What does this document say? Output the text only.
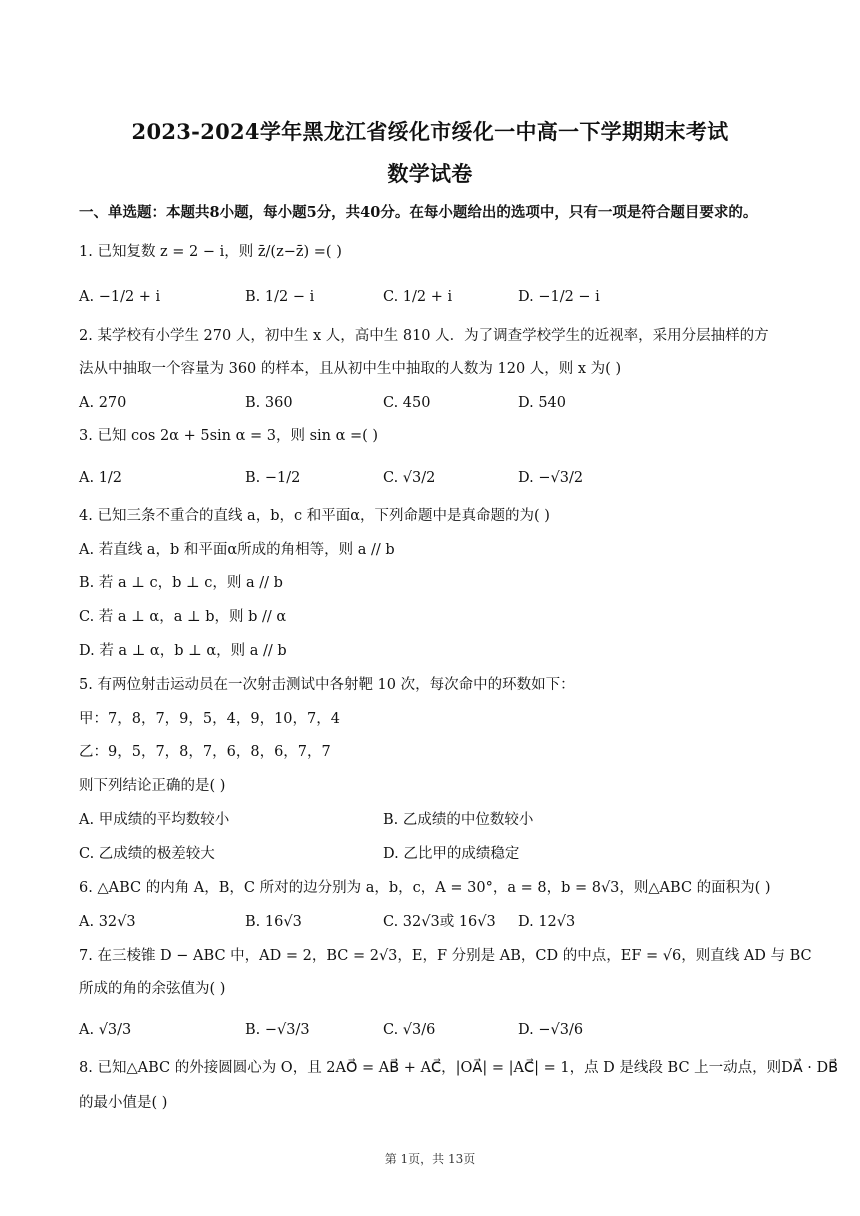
2023-2024学年黑龙江省绥化市绥化一中高一下学期期末考试
数学试卷
一、单选题：本题共8小题，每小题5分，共40分。在每小题给出的选项中，只有一项是符合题目要求的。
1. 已知复数 z = 2 − i，则 z̄/(z−z̄) =( )
A. −1/2 + i	B. 1/2 − i	C. 1/2 + i	D. −1/2 − i
2. 某学校有小学生 270 人，初中生 x 人，高中生 810 人．为了调查学校学生的近视率，采用分层抽样的方
法从中抽取一个容量为 360 的样本，且从初中生中抽取的人数为 120 人，则 x 为( )
A. 270	B. 360	C. 450	D. 540
3. 已知 cos 2α + 5sin α = 3，则 sin α =( )
A. 1/2	B. −1/2	C. √3/2	D. −√3/2
4. 已知三条不重合的直线 a，b，c 和平面α，下列命题中是真命题的为( )
A. 若直线 a，b 和平面α所成的角相等，则 a // b
B. 若 a ⊥ c，b ⊥ c，则 a // b
C. 若 a ⊥ α，a ⊥ b，则 b // α
D. 若 a ⊥ α，b ⊥ α，则 a // b
5. 有两位射击运动员在一次射击测试中各射靶 10 次，每次命中的环数如下：
甲：7，8，7，9，5，4，9，10，7，4
乙：9，5，7，8，7，6，8，6，7，7
则下列结论正确的是( )
A. 甲成绩的平均数较小	B. 乙成绩的中位数较小
C. 乙成绩的极差较大	D. 乙比甲的成绩稳定
6. △ABC 的内角 A，B，C 所对的边分别为 a，b，c，A = 30°，a = 8，b = 8√3，则△ABC 的面积为( )
A. 32√3	B. 16√3	C. 32√3或 16√3 D. 12√3
7. 在三棱锥 D − ABC 中，AD = 2，BC = 2√3，E，F 分别是 AB，CD 的中点，EF = √6，则直线 AD 与 BC
所成的角的余弦值为( )
A. √3/3	B. −√3/3	C. √3/6	D. −√3/6
8. 已知△ABC 的外接圆圆心为 O，且 2AO⃗ = AB⃗ + AC⃗，|OA⃗| = |AC⃗| = 1，点 D 是线段 BC 上一动点，则DA⃗ · DB⃗
的最小值是( )
第 1页，共 13页
